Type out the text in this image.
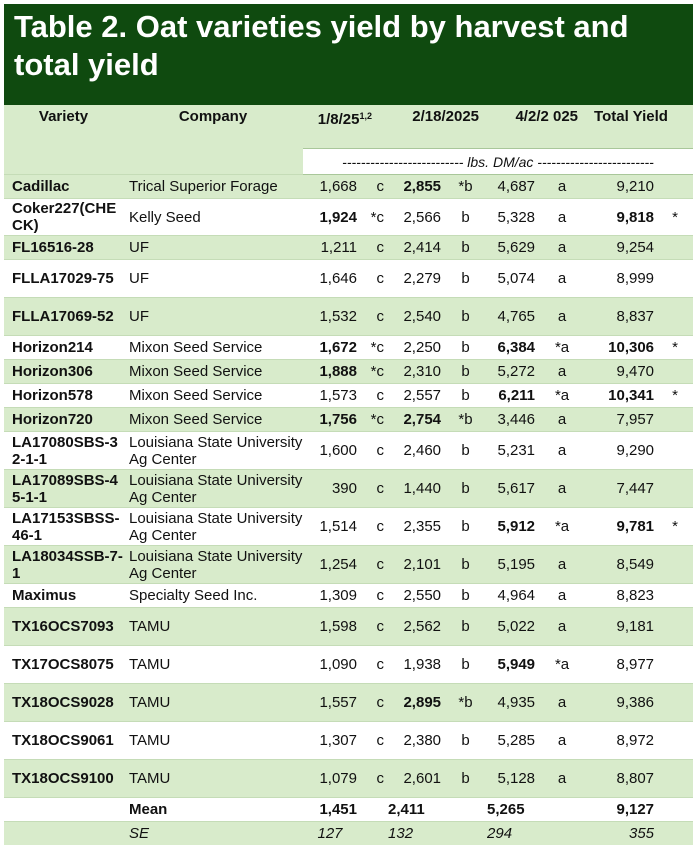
Table 2. Oat varieties yield by harvest and total yield
Variety	Company	1/8/25$^{1,2}$		2/18/2025		4/2/2 025		Total Yield	
		-------------------------- lbs. DM/ac -------------------------							
Cadillac	Trical Superior Forage	1,668	c	2,855	*b	4,687	a	9,210	
Coker227(CHECK)	Kelly Seed	1,924	*c	2,566	b	5,328	a	9,818	*
FL16516-28	UF	1,211	c	2,414	b	5,629	a	9,254	
FLLA17029-75	UF	1,646	c	2,279	b	5,074	a	8,999	
FLLA17069-52	UF	1,532	c	2,540	b	4,765	a	8,837	
Horizon214	Mixon Seed Service	1,672	*c	2,250	b	6,384	*a	10,306	*
Horizon306	Mixon Seed Service	1,888	*c	2,310	b	5,272	a	9,470	
Horizon578	Mixon Seed Service	1,573	c	2,557	b	6,211	*a	10,341	*
Horizon720	Mixon Seed Service	1,756	*c	2,754	*b	3,446	a	7,957	
LA17080SBS-32-1-1	Louisiana State University Ag Center	1,600	c	2,460	b	5,231	a	9,290	
LA17089SBS-45-1-1	Louisiana State University Ag Center	390	c	1,440	b	5,617	a	7,447	
LA17153SBSS-46-1	Louisiana State University Ag Center	1,514	c	2,355	b	5,912	*a	9,781	*
LA18034SSB-7-1	Louisiana State University Ag Center	1,254	c	2,101	b	5,195	a	8,549	
Maximus	Specialty Seed Inc.	1,309	c	2,550	b	4,964	a	8,823	
TX16OCS7093	TAMU	1,598	c	2,562	b	5,022	a	9,181	
TX17OCS8075	TAMU	1,090	c	1,938	b	5,949	*a	8,977	
TX18OCS9028	TAMU	1,557	c	2,895	*b	4,935	a	9,386	
TX18OCS9061	TAMU	1,307	c	2,380	b	5,285	a	8,972	
TX18OCS9100	TAMU	1,079	c	2,601	b	5,128	a	8,807	
	Mean	1,451		2,411		5,265		9,127	
	SE	127		132		294		355	
